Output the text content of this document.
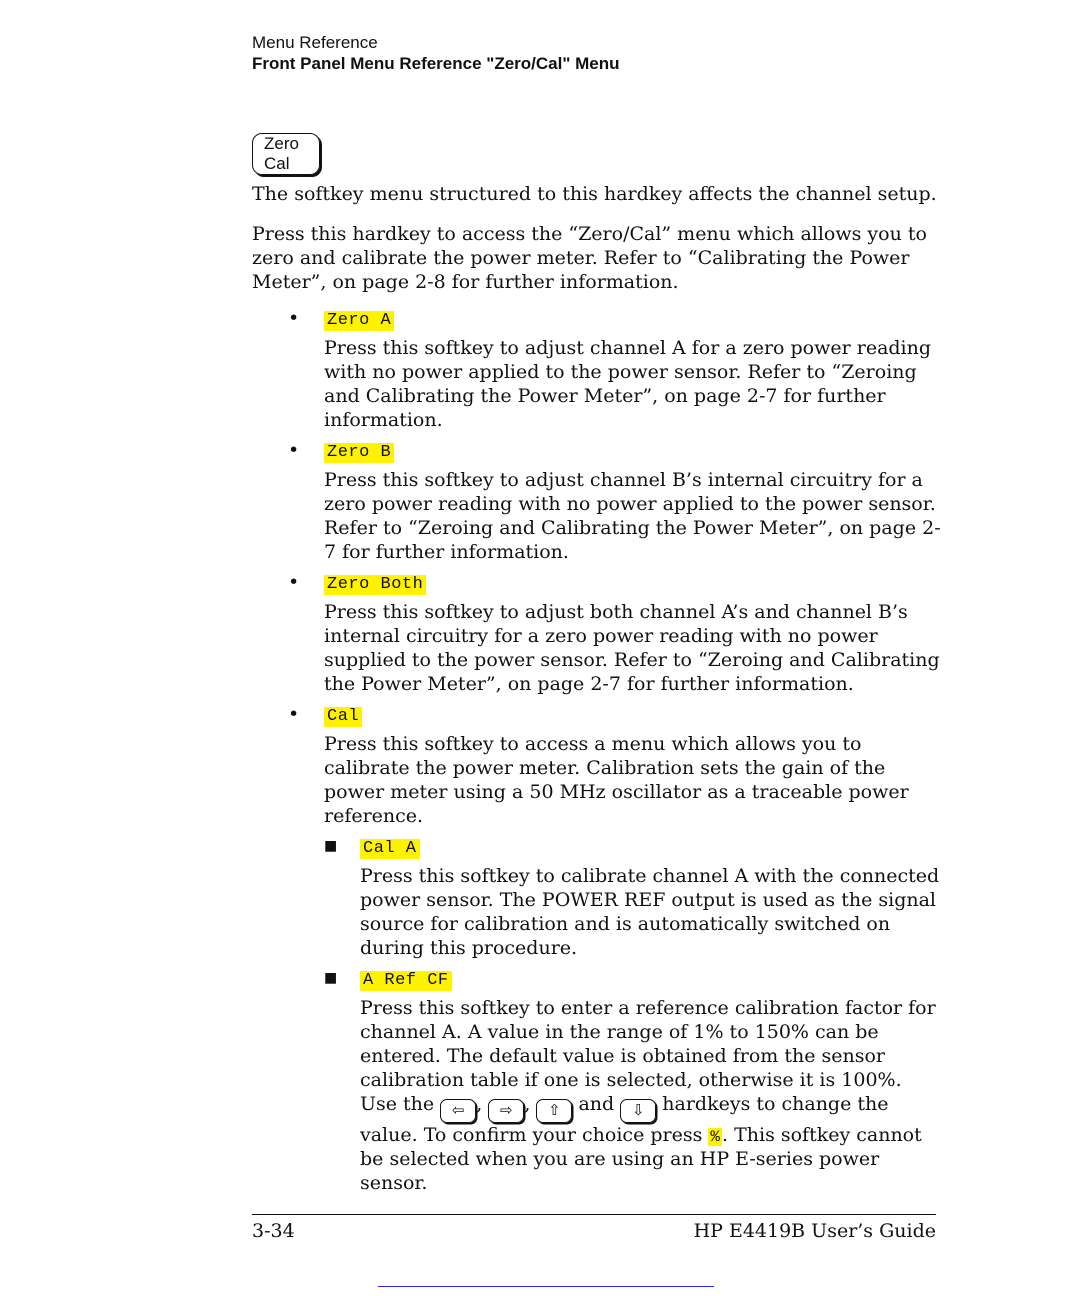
Menu Reference
Front Panel Menu Reference "Zero/Cal" Menu
Zero
Cal

The softkey menu structured to this hardkey affects the channel setup.

Press this hardkey to access the “Zero/Cal” menu which allows you to zero and calibrate the power meter. Refer to “Calibrating the Power Meter”, on page 2-8 for further information.

• Zero A

Press this softkey to adjust channel A for a zero power reading with no power applied to the power sensor. Refer to “Zeroing and Calibrating the Power Meter”, on page 2-7 for further information.

• Zero B

Press this softkey to adjust channel B’s internal circuitry for a zero power reading with no power applied to the power sensor. Refer to “Zeroing and Calibrating the Power Meter”, on page 2-7 for further information.

• Zero Both

Press this softkey to adjust both channel A’s and channel B’s internal circuitry for a zero power reading with no power supplied to the power sensor. Refer to “Zeroing and Calibrating the Power Meter”, on page 2-7 for further information.

• Cal

Press this softkey to access a menu which allows you to calibrate the power meter. Calibration sets the gain of the power meter using a 50 MHz oscillator as a traceable power reference.

■ Cal A

Press this softkey to calibrate channel A with the connected power sensor. The POWER REF output is used as the signal source for calibration and is automatically switched on during this procedure.

■ A Ref CF

Press this softkey to enter a reference calibration factor for channel A. A value in the range of 1% to 150% can be entered. The default value is obtained from the sensor calibration table if one is selected, otherwise it is 100%. Use the ⇦ , ⇨ , ⇧ and ⇩ hardkeys to change the value. To confirm your choice press % . This softkey cannot be selected when you are using an HP E-series power sensor.

3-34	HP E4419B User’s Guide
